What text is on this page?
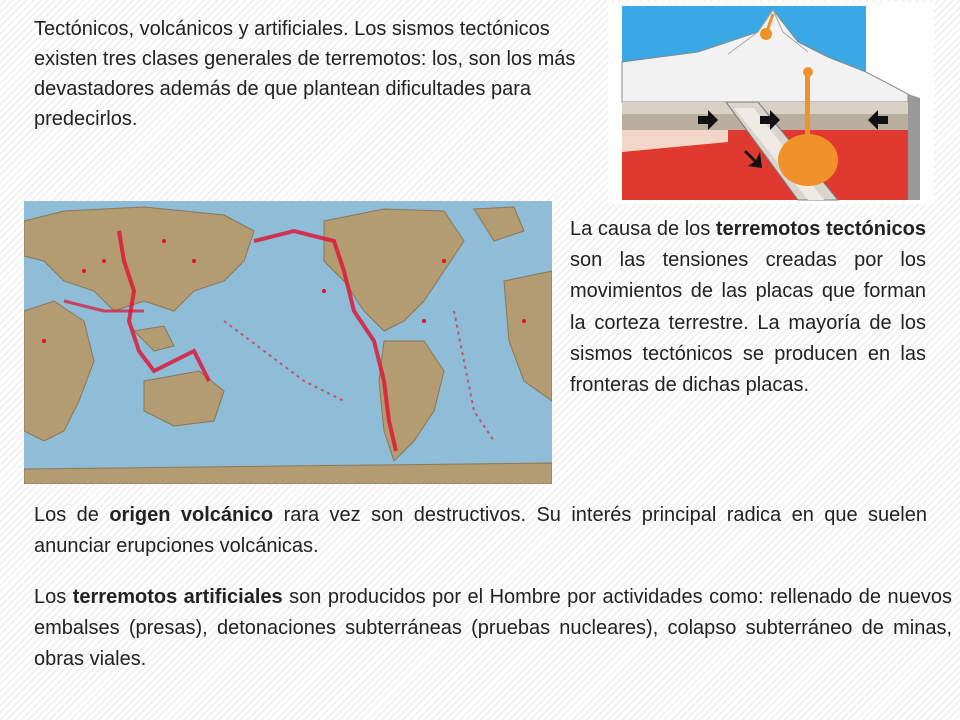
Tectónicos, volcánicos y artificiales. Los sismos tectónicos existen tres clases generales de terremotos: los, son los más devastadores además de que plantean dificultades para predecirlos.

La causa de los terremotos tectónicos son las tensiones creadas por los movimientos de las placas que forman la corteza terrestre. La mayoría de los sismos tectónicos se producen en las fronteras de dichas placas.

Los de origen volcánico rara vez son destructivos. Su interés principal radica en que suelen anunciar erupciones volcánicas.

Los terremotos artificiales son producidos por el Hombre por actividades como: rellenado de nuevos embalses (presas), detonaciones subterráneas (pruebas nucleares), colapso subterráneo de minas, obras viales.
